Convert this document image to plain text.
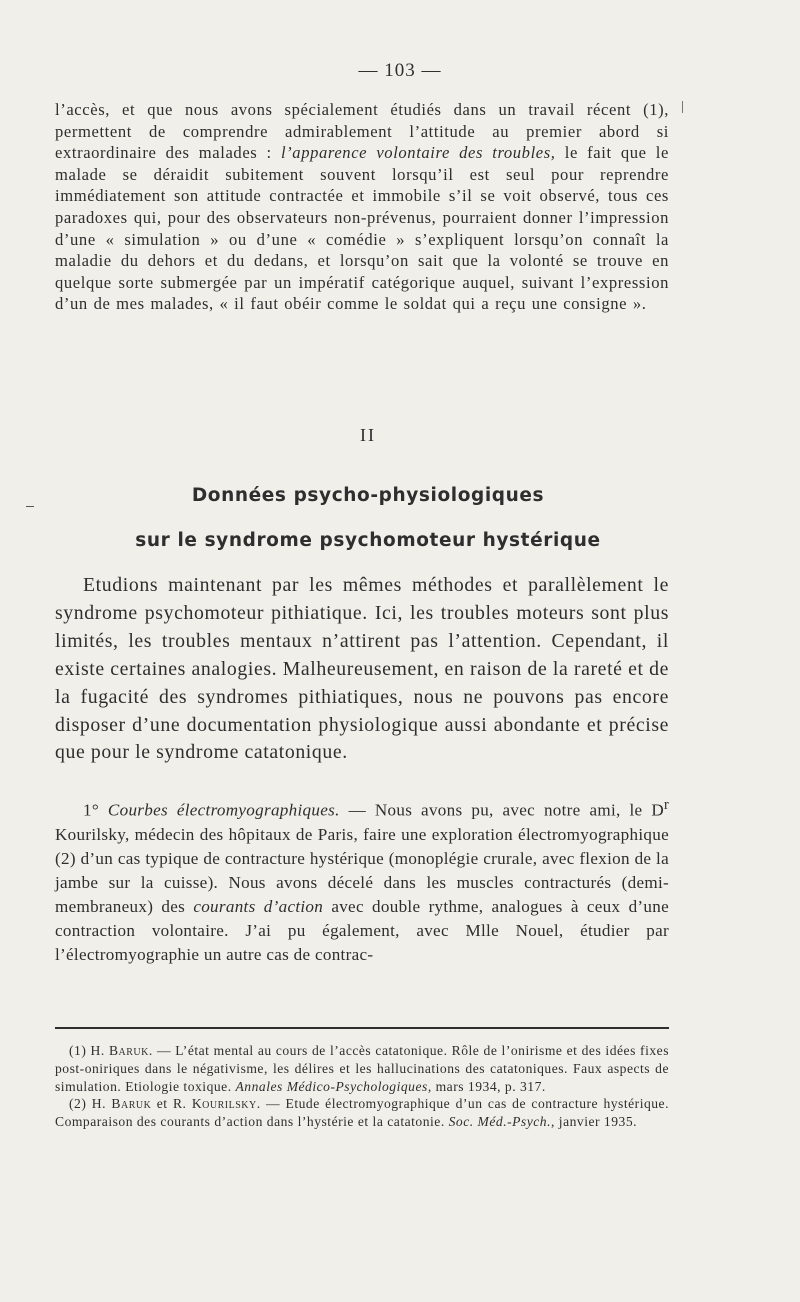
— 103 —

l’accès, et que nous avons spécialement étudiés dans un travail récent (1), permettent de comprendre admirablement l’attitude au premier abord si extraordinaire des malades : l’apparence volontaire des troubles, le fait que le malade se déraidit subitement souvent lorsqu’il est seul pour reprendre immédiatement son attitude contractée et immobile s’il se voit observé, tous ces paradoxes qui, pour des observateurs non-prévenus, pourraient donner l’impression d’une « simulation » ou d’une « comédie » s’expliquent lorsqu’on connaît la maladie du dehors et du dedans, et lorsqu’on sait que la volonté se trouve en quelque sorte submergée par un impératif catégorique auquel, suivant l’expression d’un de mes malades, « il faut obéir comme le soldat qui a reçu une consigne ».

II
Données psycho-physiologiques
sur le syndrome psychomoteur hystérique

Etudions maintenant par les mêmes méthodes et parallèlement le syndrome psychomoteur pithiatique. Ici, les troubles moteurs sont plus limités, les troubles mentaux n’attirent pas l’attention. Cependant, il existe certaines analogies. Malheureusement, en raison de la rareté et de la fugacité des syndromes pithiatiques, nous ne pouvons pas encore disposer d’une documentation physiologique aussi abondante et précise que pour le syndrome catatonique.

1° Courbes électromyographiques. — Nous avons pu, avec notre ami, le $D^r$ Kourilsky, médecin des hôpitaux de Paris, faire une exploration électromyographique (2) d’un cas typique de contracture hystérique (monoplégie crurale, avec flexion de la jambe sur la cuisse). Nous avons décelé dans les muscles contracturés (demi-membraneux) des courants d’action avec double rythme, analogues à ceux d’une contraction volontaire. J’ai pu également, avec Mlle Nouel, étudier par l’électromyographie un autre cas de contrac-

(1) H. Baruk. — L’état mental au cours de l’accès catatonique. Rôle de l’onirisme et des idées fixes post-oniriques dans le négativisme, les délires et les hallucinations des catatoniques. Faux aspects de simulation. Etiologie toxique. Annales Médico-Psychologiques, mars 1934, p. 317.

(2) H. Baruk et R. Kourilsky. — Etude électromyographique d’un cas de contracture hystérique. Comparaison des courants d’action dans l’hystérie et la catatonie. Soc. Méd.-Psych., janvier 1935.
